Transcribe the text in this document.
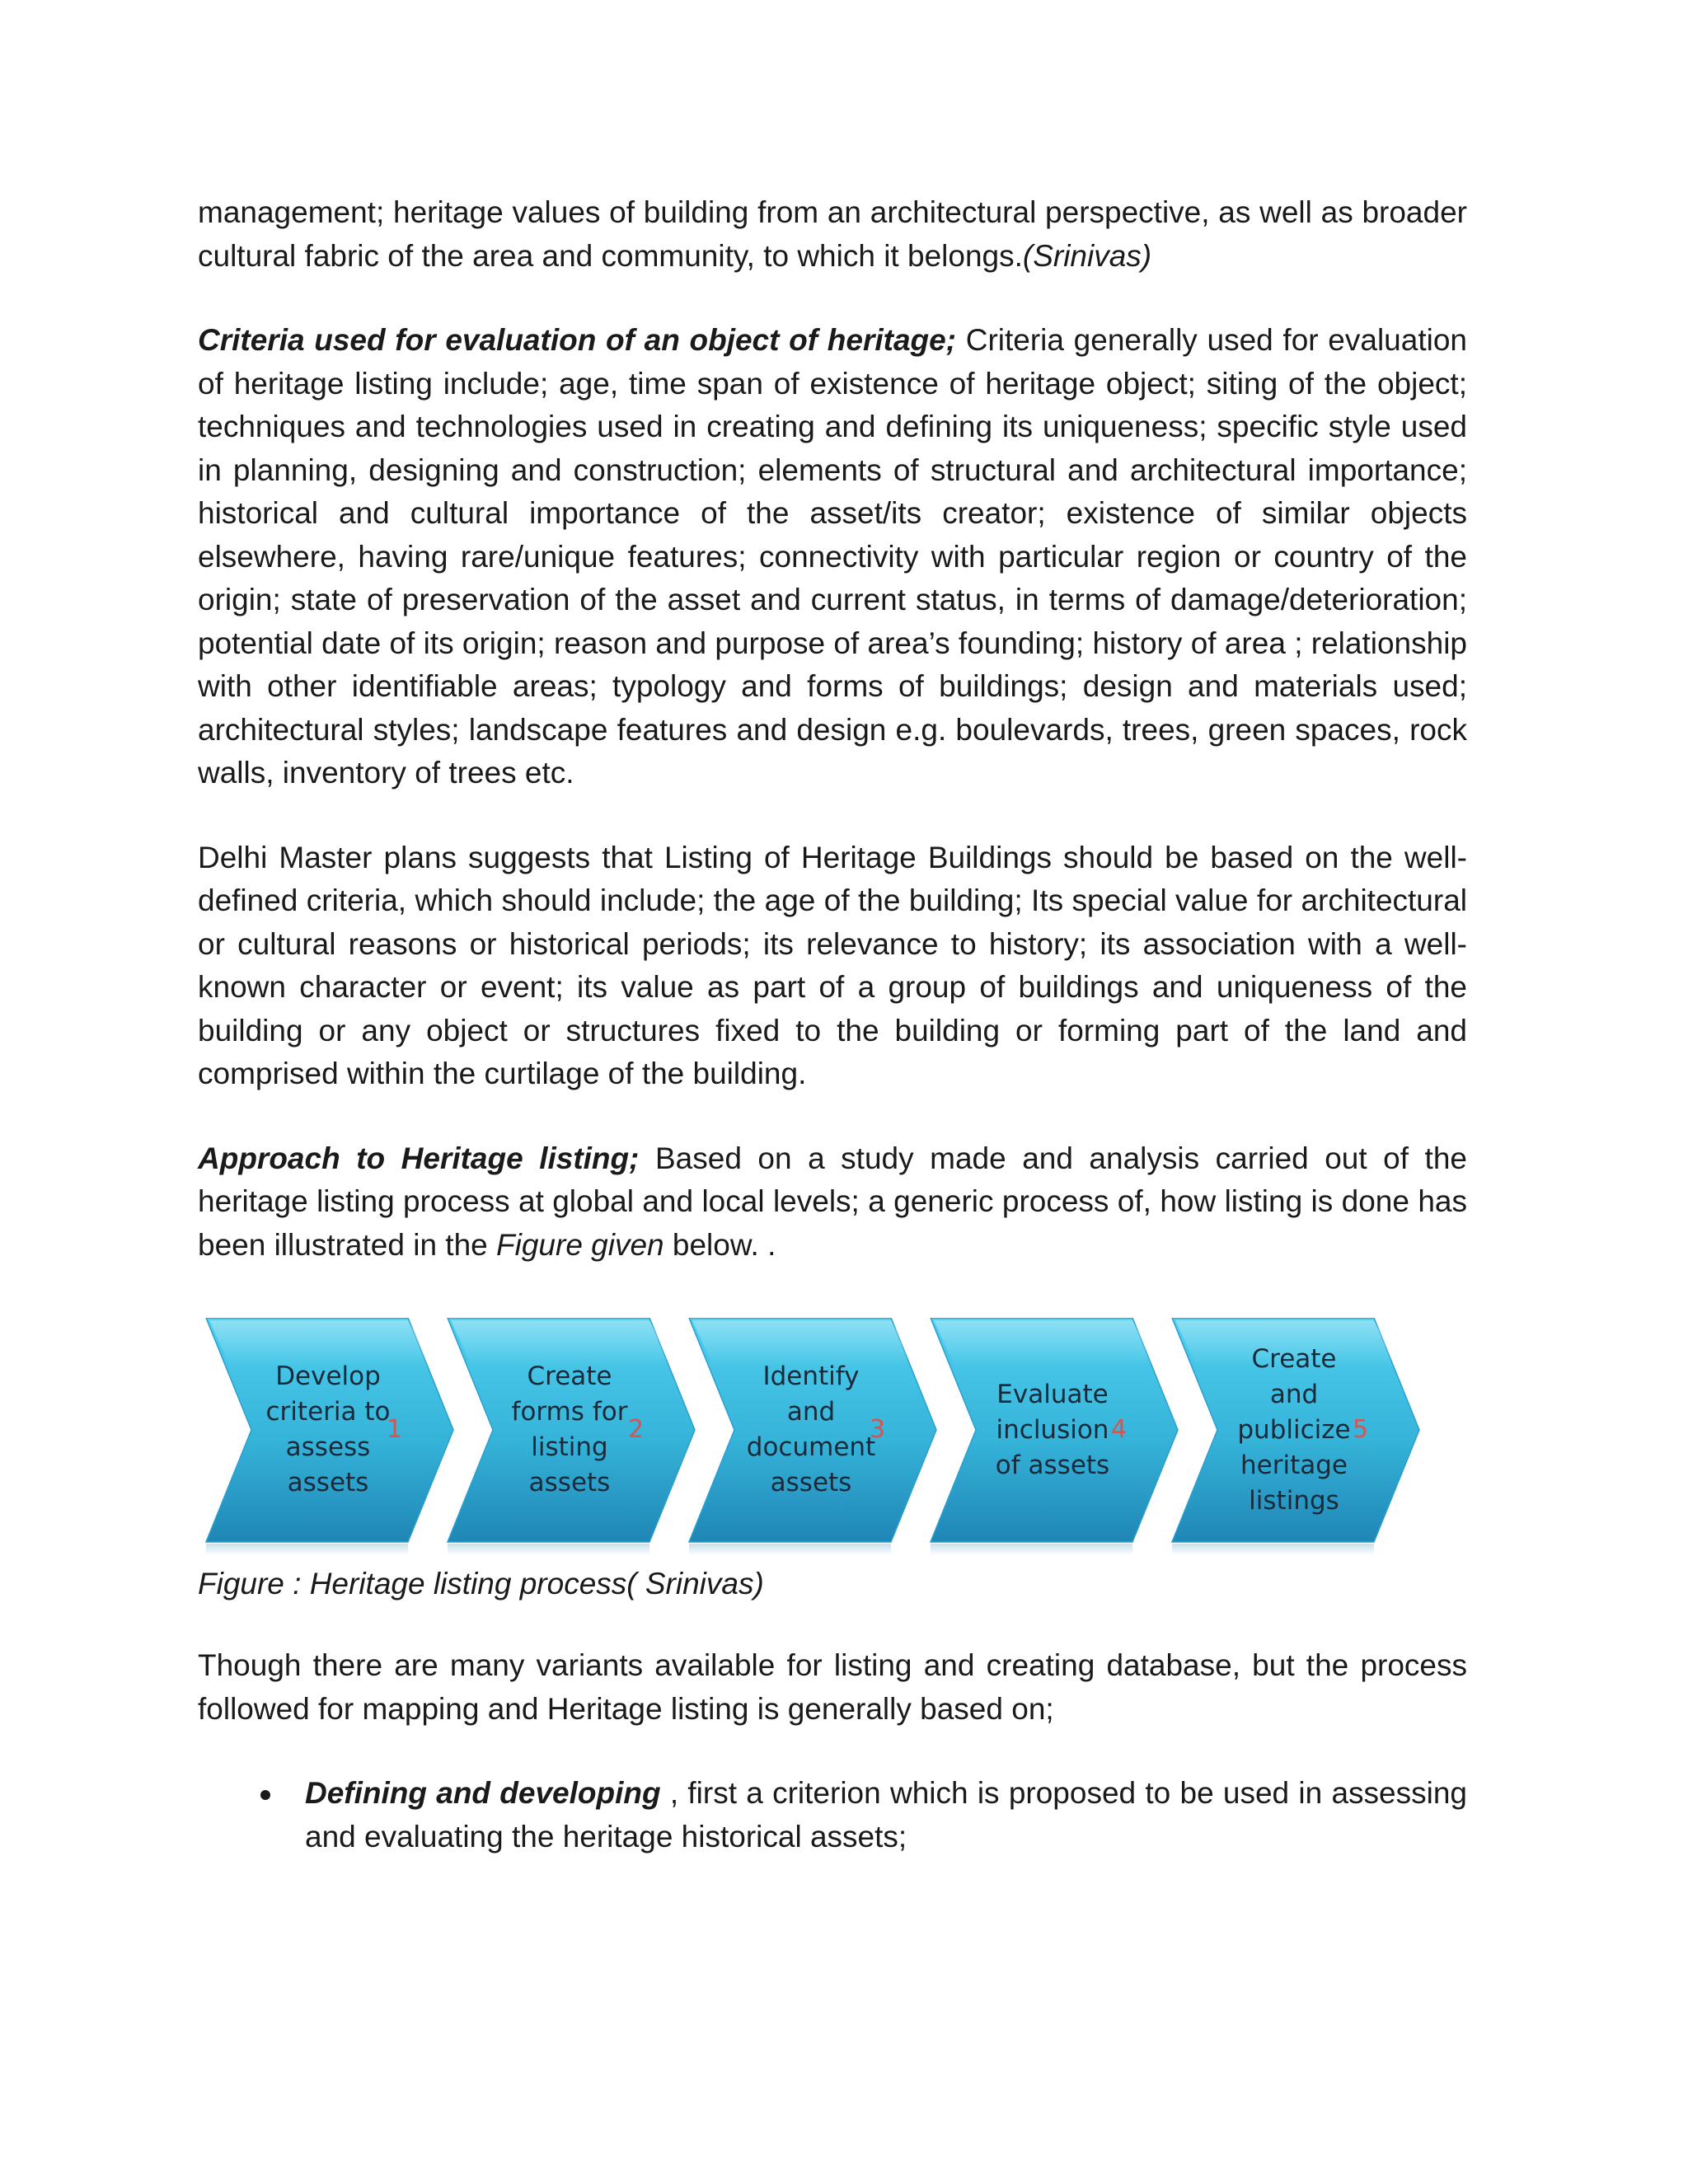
management; heritage values of building from an architectural perspective, as well as broader cultural fabric of the area and community, to which it belongs.(Srinivas)

Criteria used for evaluation of an object of heritage; Criteria generally used for evaluation of heritage listing include; age, time span of existence of heritage object; siting of the object; techniques and technologies used in creating and defining its uniqueness; specific style used in planning, designing and construction; elements of structural and architectural importance; historical and cultural importance of the asset/its creator; existence of similar objects elsewhere, having rare/unique features; connectivity with particular region or country of the origin; state of preservation of the asset and current status, in terms of damage/deterioration; potential date of its origin; reason and purpose of area’s founding; history of area ; relationship with other identifiable areas; typology and forms of buildings; design and materials used; architectural styles; landscape features and design e.g. boulevards, trees, green spaces, rock walls, inventory of trees etc.

Delhi Master plans suggests that Listing of Heritage Buildings should be based on the well-defined criteria, which should include; the age of the building; Its special value for architectural or cultural reasons or historical periods; its relevance to history; its association with a well-known character or event; its value as part of a group of buildings and uniqueness of the building or any object or structures fixed to the building or forming part of the land and comprised within the curtilage of the building.

Approach to Heritage listing; Based on a study made and analysis carried out of the heritage listing process at global and local levels; a generic process of, how listing is done has been illustrated in the Figure given below. .

Develop
criteria to
assess
assets
1
Create
forms for
listing
assets
2
Identify
and
document
assets
3
Evaluate
inclusion
of assets
4
Create
and
publicize
heritage
listings
5

Figure : Heritage listing process( Srinivas)

Though there are many variants available for listing and creating database, but the process followed for mapping and Heritage listing is generally based on;

Defining and developing , first a criterion which is proposed to be used in assessing and evaluating the heritage historical assets;
